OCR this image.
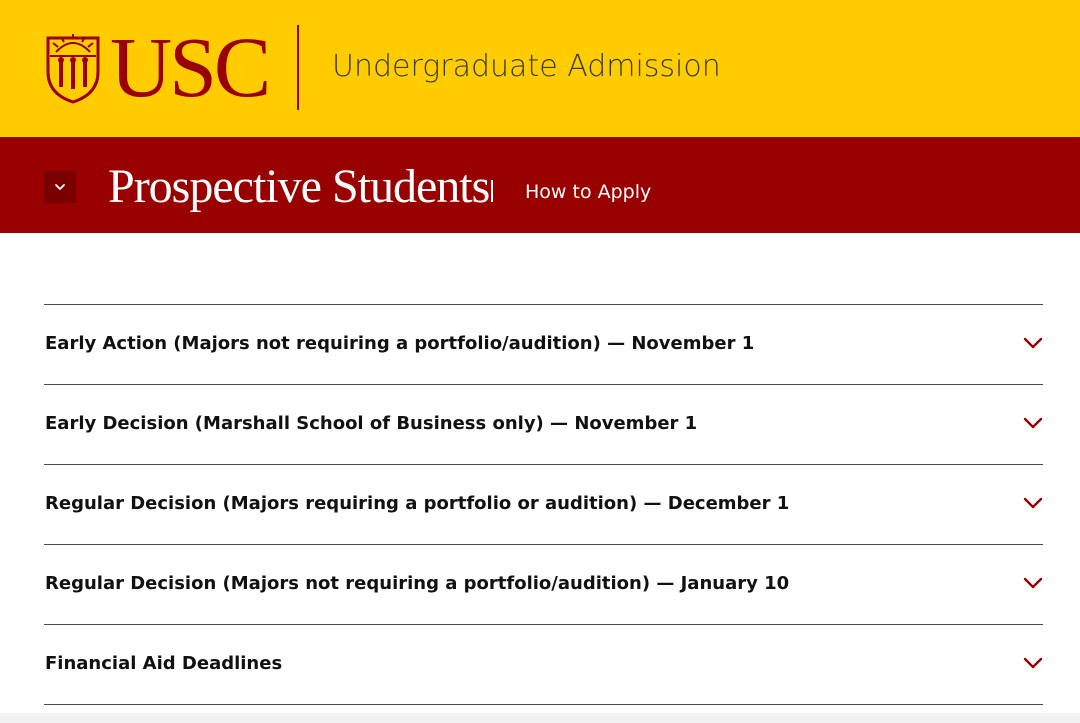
USC Undergraduate Admission
Prospective Students How to Apply
Early Action (Majors not requiring a portfolio/audition) — November 1
Early Decision (Marshall School of Business only) — November 1
Regular Decision (Majors requiring a portfolio or audition) — December 1
Regular Decision (Majors not requiring a portfolio/audition) — January 10
Financial Aid Deadlines
